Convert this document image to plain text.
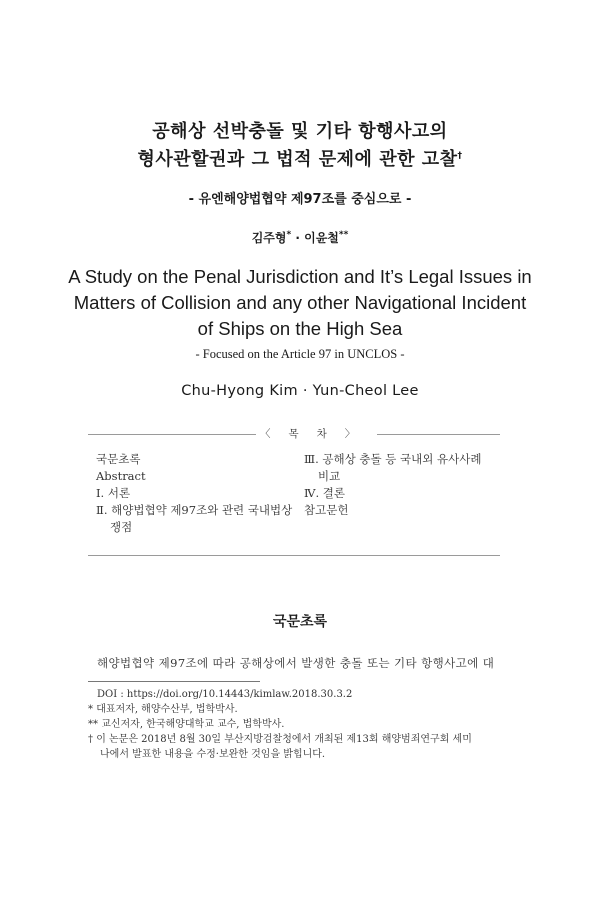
공해상 선박충돌 및 기타 항행사고의
형사관할권과 그 법적 문제에 관한 고찰†
- 유엔해양법협약 제97조를 중심으로 -
김주형* · 이윤철**
A Study on the Penal Jurisdiction and It’s Legal Issues in
Matters of Collision and any other Navigational Incident
of Ships on the High Sea
- Focused on the Article 97 in UNCLOS -
Chu-Hyong Kim · Yun-Cheol Lee
〈목차〉
국문초록
Abstract
Ⅰ. 서론
Ⅱ. 해양법협약 제97조와 관련 국내법상
쟁점
Ⅲ. 공해상 충돌 등 국내외 유사사례
비교
Ⅳ. 결론
참고문헌
국문초록
해양법협약 제97조에 따라 공해상에서 발생한 충돌 또는 기타 항행사고에 대
DOI : https://doi.org/10.14443/kimlaw.2018.30.3.2
* 대표저자, 해양수산부, 법학박사.
** 교신저자, 한국해양대학교 교수, 법학박사.
† 이 논문은 2018년 8월 30일 부산지방검찰청에서 개최된 제13회 해양범죄연구회 세미
나에서 발표한 내용을 수정·보완한 것임을 밝힙니다.
